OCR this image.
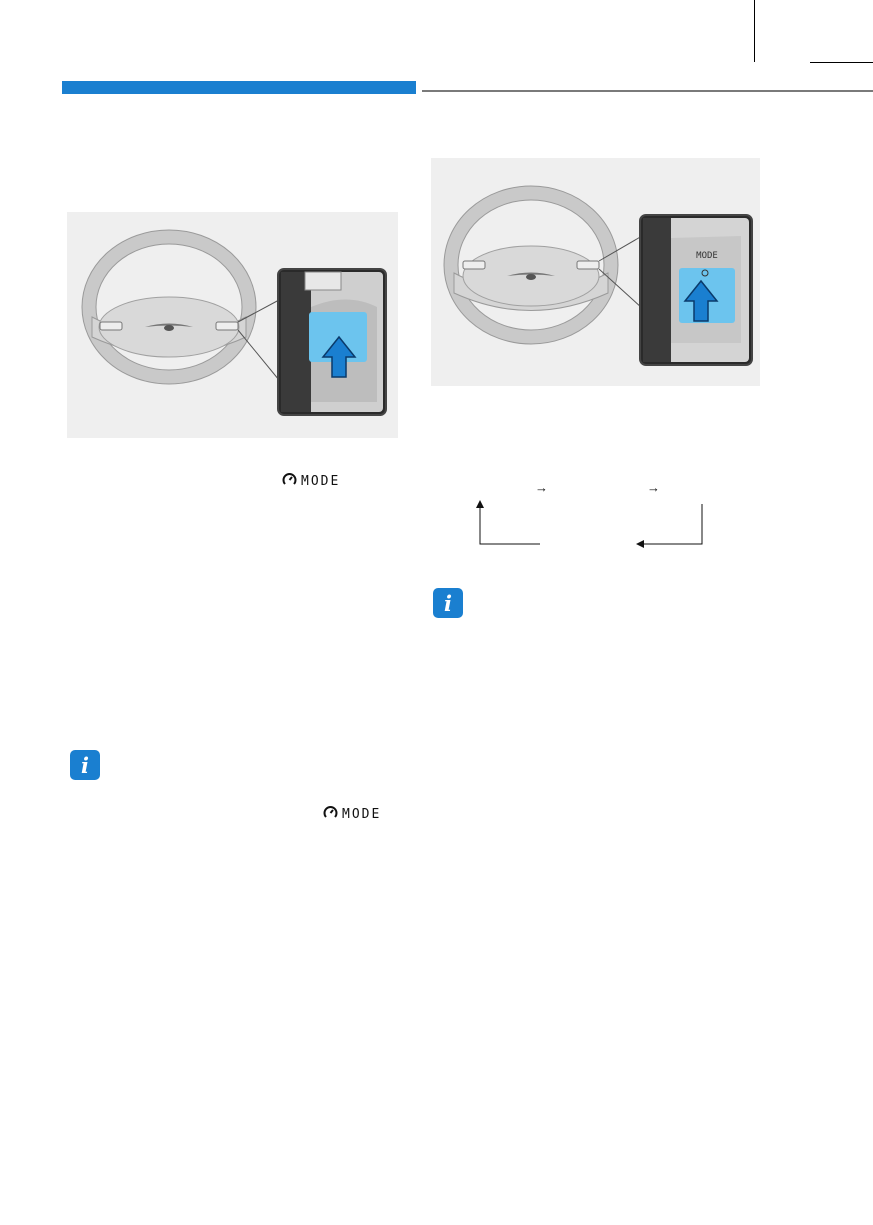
MODE
i
MODE
MODE
→	→
i
